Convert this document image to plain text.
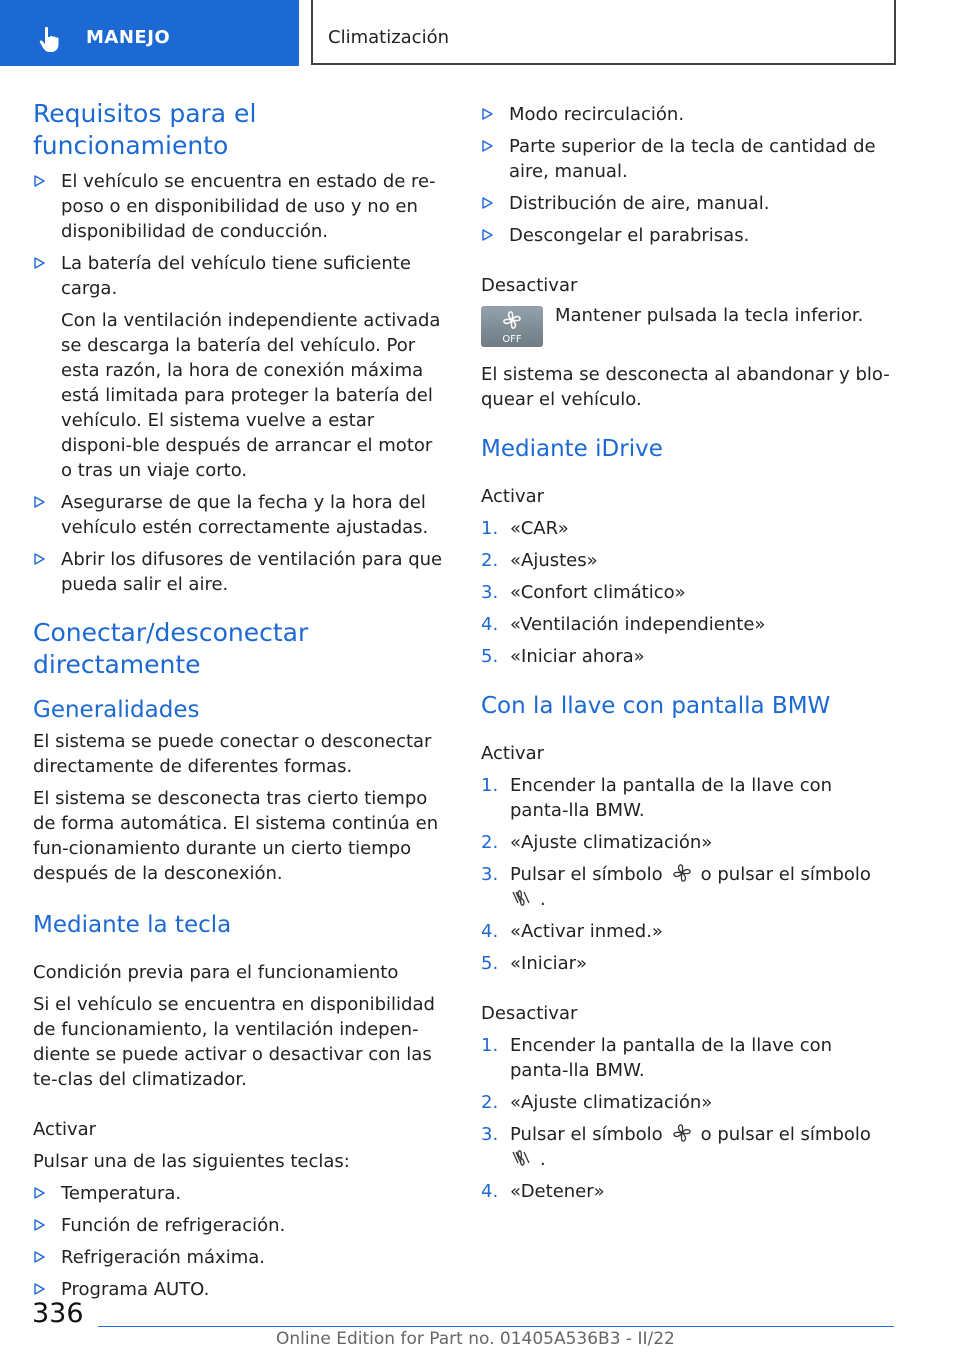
MANEJO	Climatización
Requisitos para el funcionamiento

El vehículo se encuentra en estado de re-poso o en disponibilidad de uso y no en disponibilidad de conducción.

La batería del vehículo tiene suficiente carga.

Con la ventilación independiente activada se descarga la batería del vehículo. Por esta razón, la hora de conexión máxima está limitada para proteger la batería del vehículo. El sistema vuelve a estar disponi-ble después de arrancar el motor o tras un viaje corto.

Asegurarse de que la fecha y la hora del vehículo estén correctamente ajustadas.

Abrir los difusores de ventilación para que pueda salir el aire.

Conectar/desconectar directamente
Generalidades

El sistema se puede conectar o desconectar directamente de diferentes formas.

El sistema se desconecta tras cierto tiempo de forma automática. El sistema continúa en fun-cionamiento durante un cierto tiempo después de la desconexión.

Mediante la tecla
Condición previa para el funcionamiento

Si el vehículo se encuentra en disponibilidad de funcionamiento, la ventilación indepen-diente se puede activar o desactivar con las te-clas del climatizador.

Activar

Pulsar una de las siguientes teclas:

Temperatura.

Función de refrigeración.

Refrigeración máxima.

Programa AUTO.

Modo recirculación.

Parte superior de la tecla de cantidad de aire, manual.

Distribución de aire, manual.

Descongelar el parabrisas.

Desactivar
OFF

Mantener pulsada la tecla inferior.

El sistema se desconecta al abandonar y blo-quear el vehículo.

Mediante iDrive
Activar
1. «CAR»

2. «Ajustes»

3. «Confort climático»

4. «Ventilación independiente»

5. «Iniciar ahora»

Con la llave con pantalla BMW
Activar
1. Encender la pantalla de la llave con panta-lla BMW.

2. «Ajuste climatización»

3. Pulsar el símbolo o pulsar el símbolo
.

4. «Activar inmed.»

5. «Iniciar»

Desactivar
1. Encender la pantalla de la llave con panta-lla BMW.

2. «Ajuste climatización»

3. Pulsar el símbolo o pulsar el símbolo
.

4. «Detener»

336
Online Edition for Part no. 01405A536B3 - II/22
